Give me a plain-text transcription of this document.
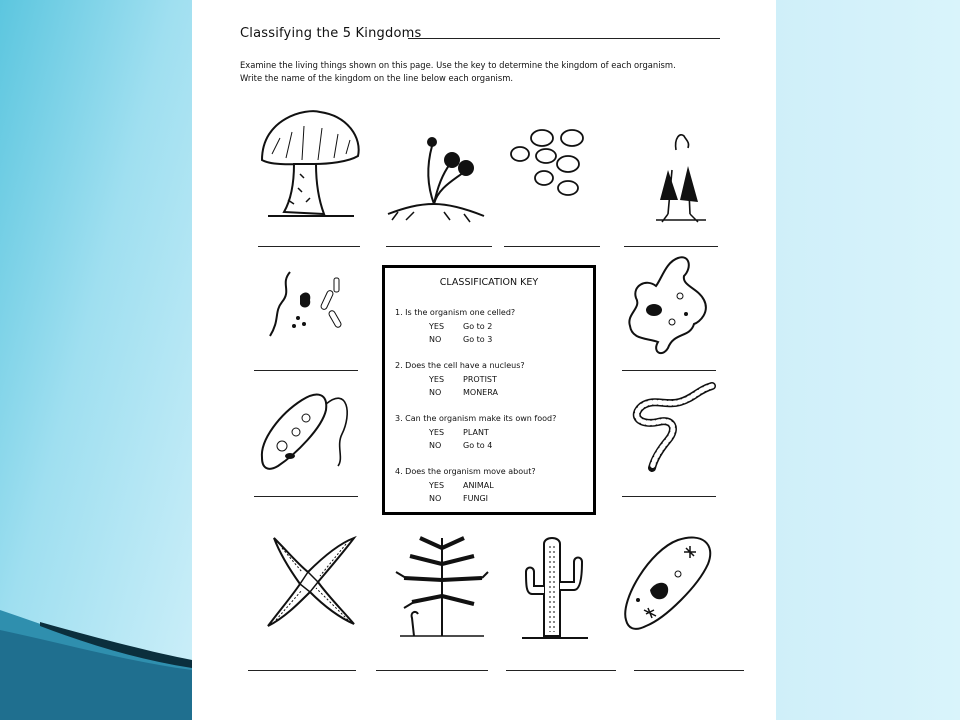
Classifying the 5 Kingdoms
Examine the living things shown on this page. Use the key to determine the kingdom of each organism.
Write the name of the kingdom on the line below each organism.
CLASSIFICATION KEY
1. Is the organism one celled?
YES Go to 2
NO	Go to 3
2. Does the cell have a nucleus?
YES PROTIST
NO	MONERA
3. Can the organism make its own food?
YES PLANT
NO	Go to 4
4. Does the organism move about?
YES ANIMAL
NO	FUNGI
